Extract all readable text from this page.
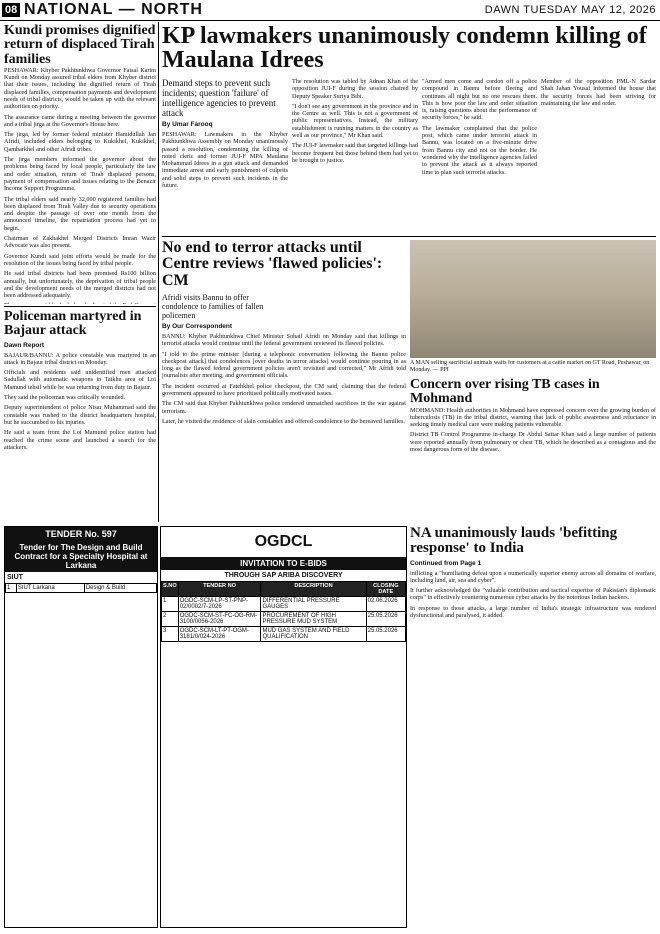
08 NATIONAL — NORTH	DAWN TUESDAY MAY 12, 2026
Kundi promises dignified return of displaced Tirah families

PESHAWAR: Khyber Pakhtunkhwa Governor Faisal Karim Kundi on Monday assured tribal elders from Khyber district that their issues, including the dignified return of Tirah displaced families, compensation payments and development needs of tribal districts, would be taken up with the relevant authorities on priority.

The assurance came during a meeting between the governor and a tribal jirga at the Governor's House here.

The jirga, led by former federal minister Hamidullah Jan Afridi, included elders belonging to Kukikhel, Kukikhel, Qambarkhel and other Afridi tribes.

The jirga members informed the governor about the problems being faced by local people, particularly the law and order situation, return of Tirah displaced persons, payment of compensation and issues relating to the Benazir Income Support Programme.

The tribal elders said nearly 32,000 registered families had been displaced from Tirah Valley due to security operations and despite the passage of over one month from the announced timeline, the repatriation process had yet to begin.

Chairman of Zakhakhel Merged Districts Imran Wazir Advocate was also present.

Governor Kundi said joint efforts would be made for the resolution of the issues being faced by tribal people.

He said tribal districts had been promised Rs100 billion annually, but unfortunately, the deprivation of tribal people and the development needs of the merged districts had not been addressed adequately.

Policeman martyred in Bajaur attack
Dawn Report

BAJAUR/BANNU: A police constable was martyred in an attack in Bajaur tribal district on Monday.

Officials and residents said unidentified men attacked Sadullah with automatic weapons in Tatkhu area of Loi Mamund tehsil while he was returning from duty in Bajaur.

They said the policeman was critically wounded.

Deputy superintendent of police Nisar Muhammad said the constable was rushed to the district headquarters hospital, but he succumbed to his injuries.

He said a team from the Loi Mamund police station had reached the crime scene and launched a search for the attackers.

KP lawmakers unanimously condemn killing of Maulana Idrees
Demand steps to prevent such incidents; question 'failure' of intelligence agencies to prevent attack
By Umar Farooq

PESHAWAR: Lawmakers in the Khyber Pakhtunkhwa Assembly on Monday unanimously passed a resolution, condemning the killing of noted cleric and former JUI-F MPA Maulana Mohammad Idrees in a gun attack and demanded immediate arrest and early punishment of culprits and solid steps to prevent such incidents in the future.

The resolution was tabled by Adnan Khan of the opposition JUI-F during the session chaired by Deputy Speaker Suriya Bibi.

"I don't see any government in the province and in the Centre as well. This is not a government of public representatives. Instead, the military establishment is running matters in the country as well as our province," Mr Khan said.

The JUI-F lawmaker said that targeted killings had become frequent but those behind them had yet to be brought to justice.

"Armed men come and cordon off a police compound in Bannu before fleeing and continues all night but no one rescues them. This is how poor the law and order situation is, raising questions about the performance of security forces," he said.

The lawmaker complained that the police post, which came under terrorist attack in Bannu, was located on a five-minute drive from Bannu city and not on the border. He wondered why the intelligence agencies failed to prevent the attack as it always reported time to plan such terrorist attacks.

Member of the opposition PML-N Sardar Shah Jahan Yousaf informed the house that the security forces had been striving for maintaining the law and order.

No end to terror attacks until Centre reviews 'flawed policies': CM
Afridi visits Bannu to offer condolence to families of fallen policemen
By Our Correspondent

BANNU: Khyber Pakhtunkhwa Chief Minister Sohail Afridi on Monday said that killings in terrorist attacks would continue until the federal government reviewed its flawed policies.

"I told to the prime minister [during a telephonic conversation following the Bannu police checkpost attack] that condolences [over deaths in terror attacks] would continue pouring in as long as the flawed federal government policies aren't revisited and corrected," Mr Afridi told journalists after meeting, and government officials.

The incident occurred at Fatehkhel police checkpost, the CM said, claiming that the federal government appeared to have prioritised politically motivated issues.

The CM said that Khyber Pakhtunkhwa police rendered unmatched sacrifices in the war against terrorism.

Later, he visited the residence of slain constables and offered condolence to the bereaved families.

A MAN selling sacrificial animals waits for customers at a cattle market on GT Road, Peshawar, on Monday. — PPI
Concern over rising TB cases in Mohmand

MOHMAND: Health authorities in Mohmand have expressed concern over the growing burden of tuberculosis (TB) in the tribal district, warning that lack of public awareness and reluctance in seeking timely medical care were making patients vulnerable.

District TB Control Programme in-charge Dr Abdul Sattar Khan said a large number of patients were reported annually from pulmonary or chest TB, which he described as a contagious and the most dangerous form of the disease.

TENDER No. 597
Tender for The Design and Build Contract for a Specialty Hospital at Larkana
SIUT
1	SIUT Larkana	Design & Build
OGDCL
INVITATION TO E-BIDS
THROUGH SAP ARIBA DISCOVERY
S.NO	TENDER NO	DESCRIPTION	CLOSING DATE
1	OGDC-SCM-LP-ST-PNP-02/0002/7-2026	DIFFERENTIAL PRESSURE GAUGES	02.06.2026
2	OGDC-SCM-ST-FC-OG-RM-3100/0056-2026	PROCUREMENT OF HIGH PRESSURE MUD SYSTEM	25.05.2026
3	OGDC-SCM-LT-PT-OGM-3181/0/024-2026	MUD GAS SYSTEM AND FIELD QUALIFICATION	25.05.2026
NA unanimously lauds 'befitting response' to India
Continued from Page 1

inflicting a "humiliating defeat upon a numerically superior enemy across all domains of warfare, including land, air, sea and cyber".

It further acknowledged the "valuable contribution and tactical expertise of Pakistan's diplomatic corps" in effectively countering numerous cyber attacks by the notorious Indian hackers.

In response to those attacks, a large number of India's strategic infrastructure was rendered dysfunctional and paralysed, it added.
